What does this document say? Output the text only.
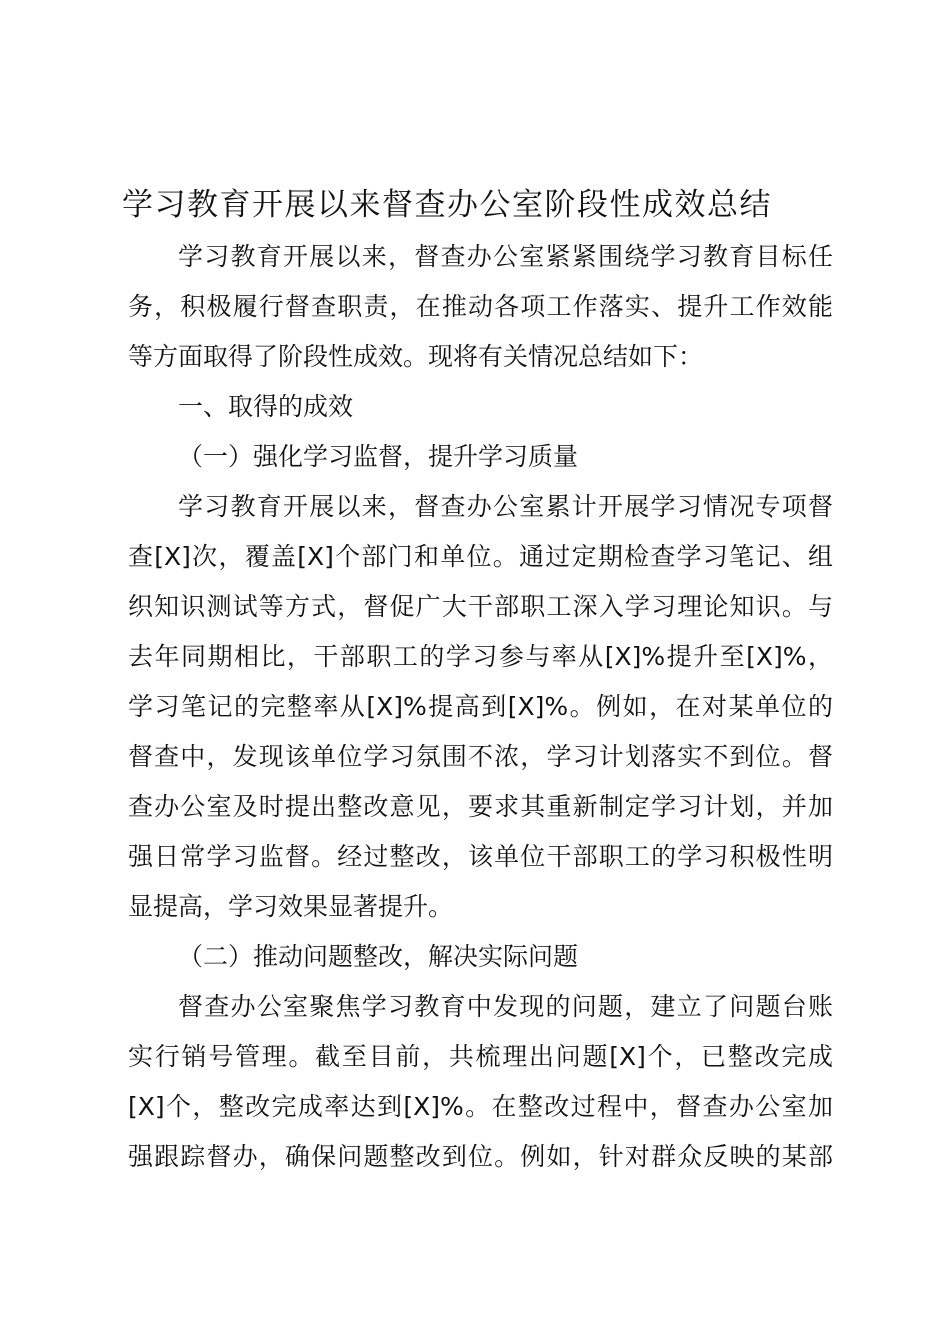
学习教育开展以来督查办公室阶段性成效总结
学习教育开展以来，督查办公室紧紧围绕学习教育目标任
务，积极履行督查职责，在推动各项工作落实、提升工作效能
等方面取得了阶段性成效。现将有关情况总结如下：
一、取得的成效
（一）强化学习监督，提升学习质量
学习教育开展以来，督查办公室累计开展学习情况专项督
查[X]次，覆盖[X]个部门和单位。通过定期检查学习笔记、组
织知识测试等方式，督促广大干部职工深入学习理论知识。与
去年同期相比，干部职工的学习参与率从[X]%提升至[X]%，
学习笔记的完整率从[X]%提高到[X]%。例如，在对某单位的
督查中，发现该单位学习氛围不浓，学习计划落实不到位。督
查办公室及时提出整改意见，要求其重新制定学习计划，并加
强日常学习监督。经过整改，该单位干部职工的学习积极性明
显提高，学习效果显著提升。
（二）推动问题整改，解决实际问题
督查办公室聚焦学习教育中发现的问题，建立了问题台账
实行销号管理。截至目前，共梳理出问题[X]个，已整改完成
[X]个，整改完成率达到[X]%。在整改过程中，督查办公室加
强跟踪督办，确保问题整改到位。例如，针对群众反映的某部
